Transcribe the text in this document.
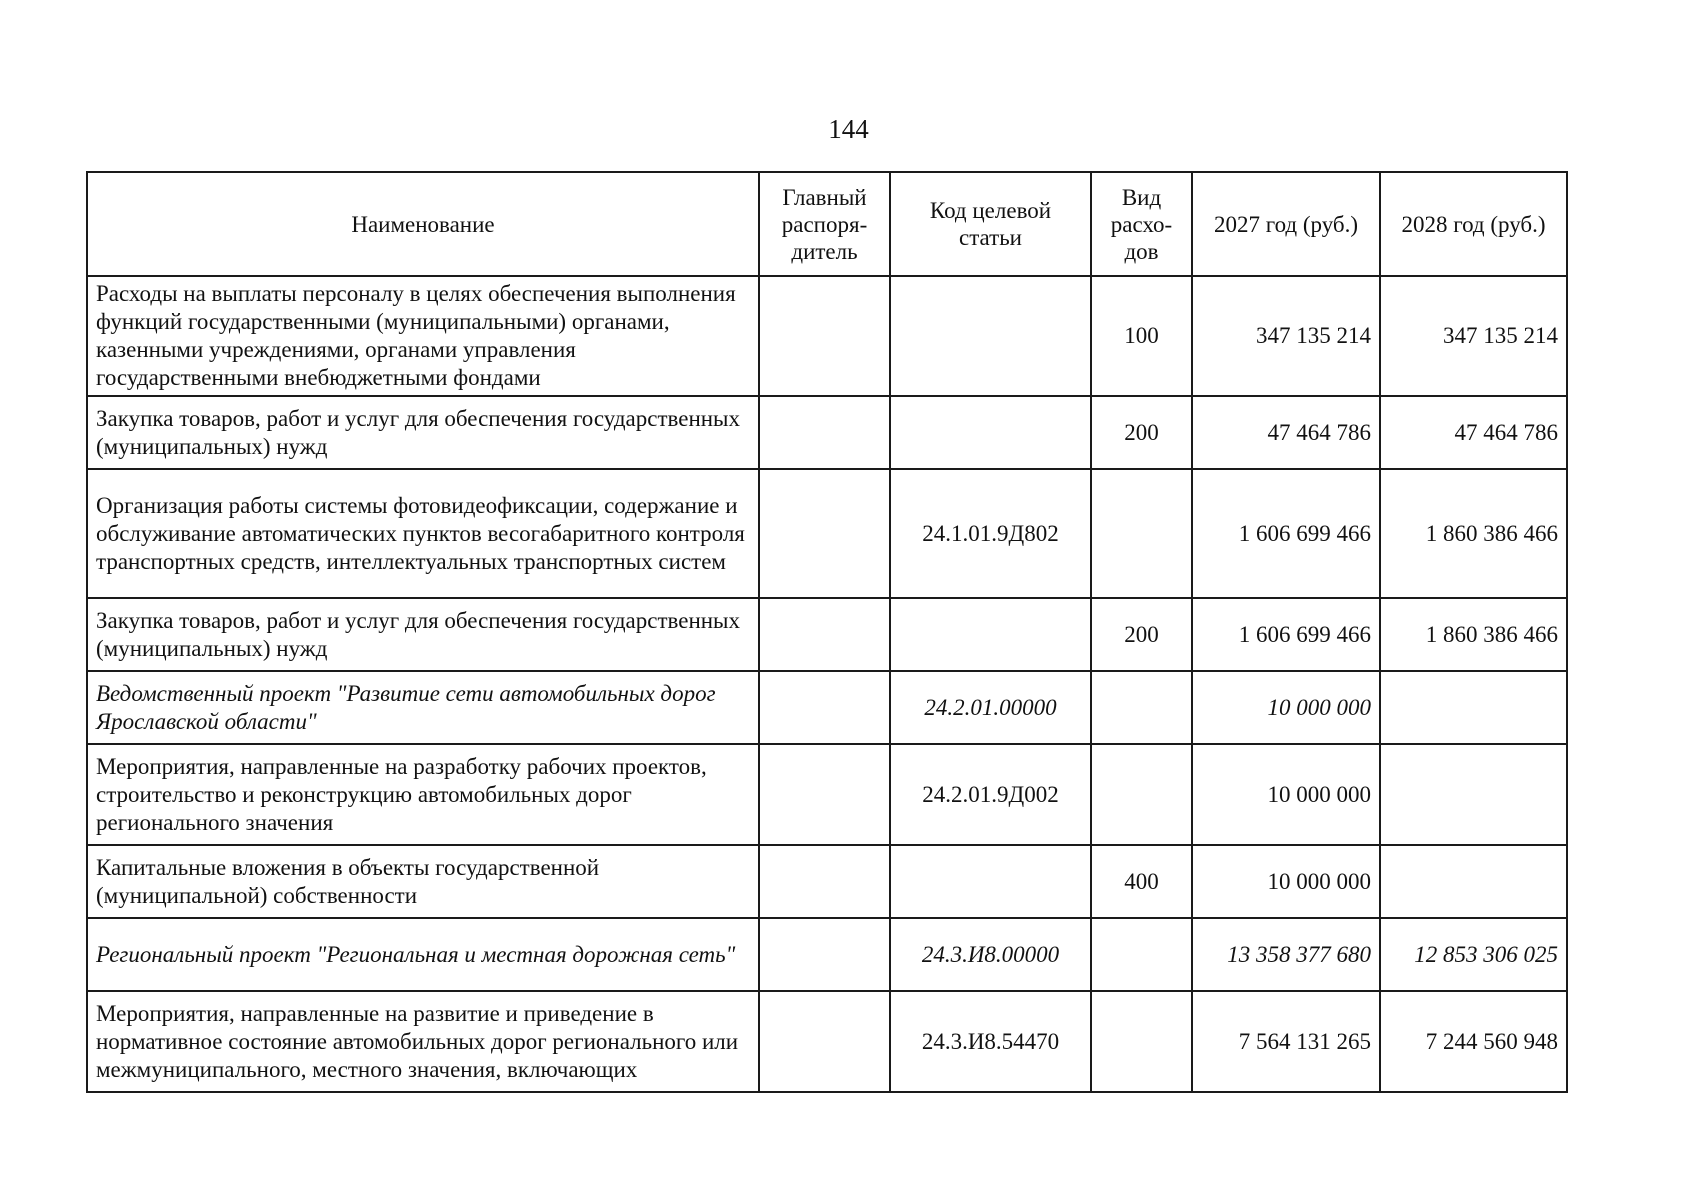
144
Наименование	Главный распоря-дитель	Код целевой статьи	Вид расхо-дов	2027 год (руб.)	2028 год (руб.)
Расходы на выплаты персоналу в целях обеспечения выполнения функций государственными (муниципальными) органами, казенными учреждениями, органами управления государственными внебюджетными фондами			100	347 135 214	347 135 214
Закупка товаров, работ и услуг для обеспечения государственных (муниципальных) нужд			200	47 464 786	47 464 786
Организация работы системы фотовидеофиксации, содержание и обслуживание автоматических пунктов весогабаритного контроля транспортных средств, интеллектуальных транспортных систем		24.1.01.9Д802		1 606 699 466	1 860 386 466
Закупка товаров, работ и услуг для обеспечения государственных (муниципальных) нужд			200	1 606 699 466	1 860 386 466
Ведомственный проект "Развитие сети автомобильных дорог Ярославской области"		24.2.01.00000		10 000 000	
Мероприятия, направленные на разработку рабочих проектов, строительство и реконструкцию автомобильных дорог регионального значения		24.2.01.9Д002		10 000 000	
Капитальные вложения в объекты государственной (муниципальной) собственности			400	10 000 000	
Региональный проект "Региональная и местная дорожная сеть"		24.3.И8.00000		13 358 377 680	12 853 306 025
Мероприятия, направленные на развитие и приведение в нормативное состояние автомобильных дорог регионального или межмуниципального, местного значения, включающих		24.3.И8.54470		7 564 131 265	7 244 560 948
